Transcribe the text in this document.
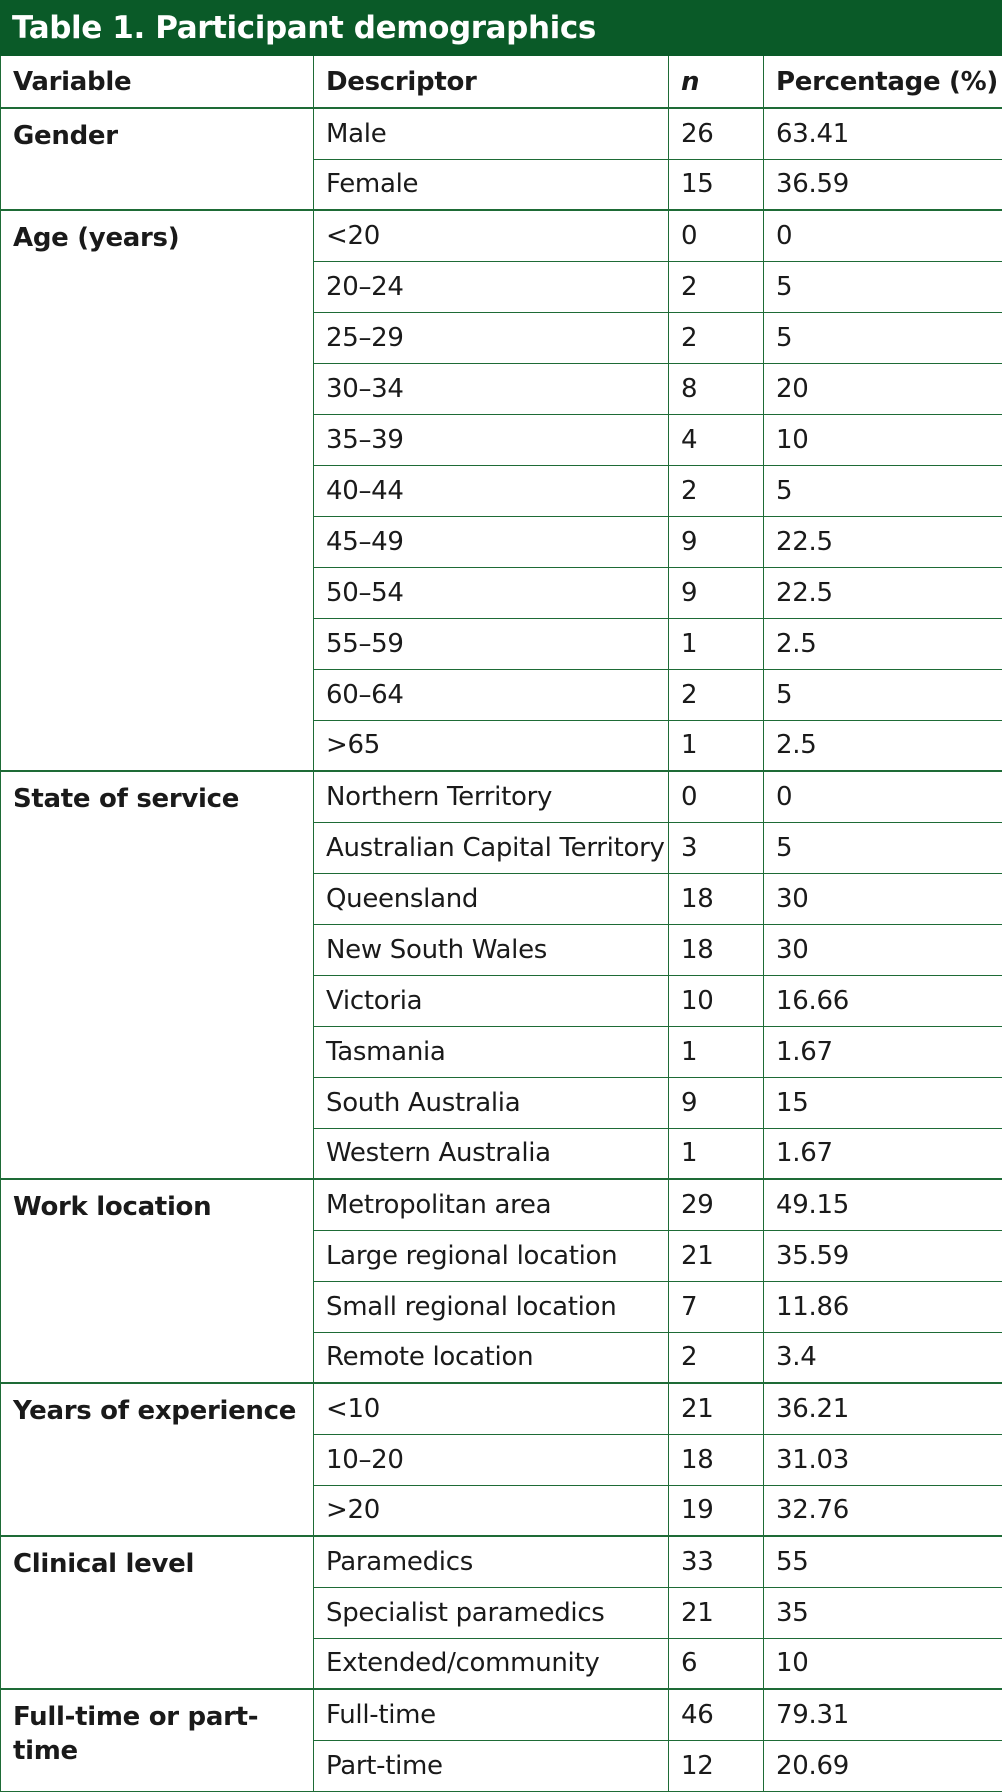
Table 1. Participant demographics
Variable	Descriptor	n	Percentage (%)
Gender	Male	26	63.41
	Female	15	36.59
Age (years)	<20	0	0
	20–24	2	5
	25–29	2	5
	30–34	8	20
	35–39	4	10
	40–44	2	5
	45–49	9	22.5
	50–54	9	22.5
	55–59	1	2.5
	60–64	2	5
	>65	1	2.5
State of service	Northern Territory	0	0
	Australian Capital Territory	3	5
	Queensland	18	30
	New South Wales	18	30
	Victoria	10	16.66
	Tasmania	1	1.67
	South Australia	9	15
	Western Australia	1	1.67
Work location	Metropolitan area	29	49.15
	Large regional location	21	35.59
	Small regional location	7	11.86
	Remote location	2	3.4
Years of experience	<10	21	36.21
	10–20	18	31.03
	>20	19	32.76
Clinical level	Paramedics	33	55
	Specialist paramedics	21	35
	Extended/community	6	10
Full-time or part-time	Full-time	46	79.31
	Part-time	12	20.69
